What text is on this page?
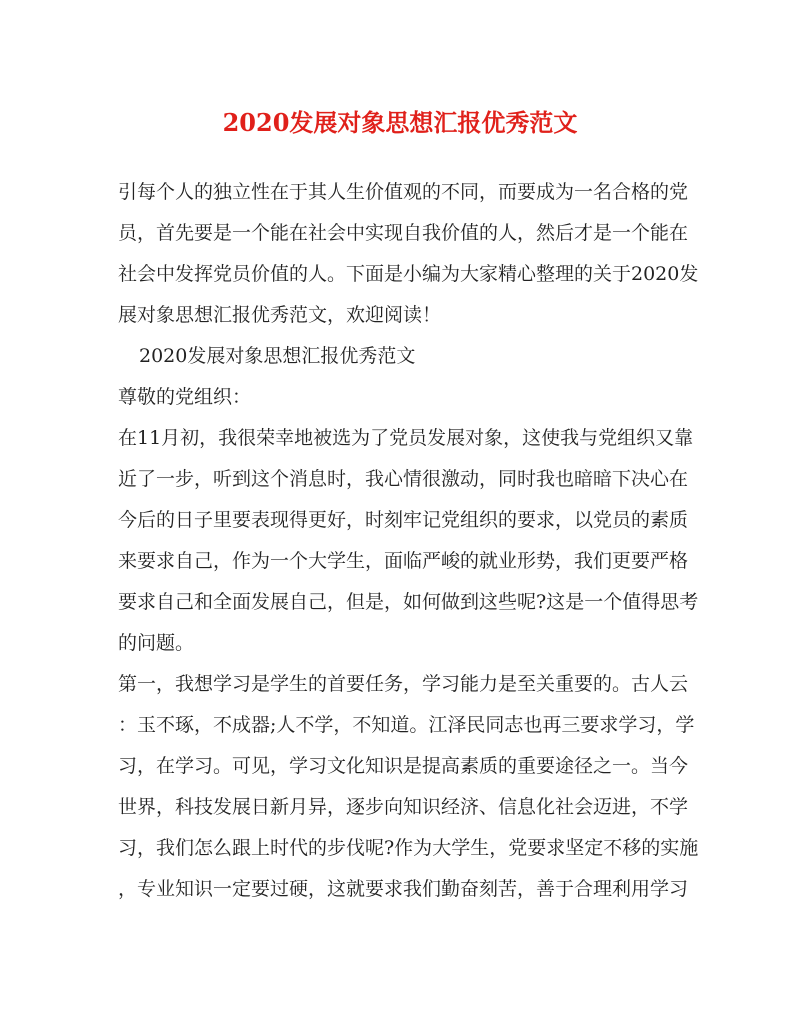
2020发展对象思想汇报优秀范文
引每个人的独立性在于其人生价值观的不同，而要成为一名合格的党
员，首先要是一个能在社会中实现自我价值的人，然后才是一个能在
社会中发挥党员价值的人。下面是小编为大家精心整理的关于2020发
展对象思想汇报优秀范文，欢迎阅读！
2020发展对象思想汇报优秀范文
尊敬的党组织：
在11月初，我很荣幸地被选为了党员发展对象，这使我与党组织又靠
近了一步，听到这个消息时，我心情很激动，同时我也暗暗下决心在
今后的日子里要表现得更好，时刻牢记党组织的要求，以党员的素质
来要求自己，作为一个大学生，面临严峻的就业形势，我们更要严格
要求自己和全面发展自己，但是，如何做到这些呢?这是一个值得思考
的问题。
第一，我想学习是学生的首要任务，学习能力是至关重要的。古人云
：玉不琢，不成器;人不学，不知道。江泽民同志也再三要求学习，学
习，在学习。可见，学习文化知识是提高素质的重要途径之一。当今
世界，科技发展日新月异，逐步向知识经济、信息化社会迈进，不学
习，我们怎么跟上时代的步伐呢?作为大学生，党要求坚定不移的实施
，专业知识一定要过硬，这就要求我们勤奋刻苦，善于合理利用学习
